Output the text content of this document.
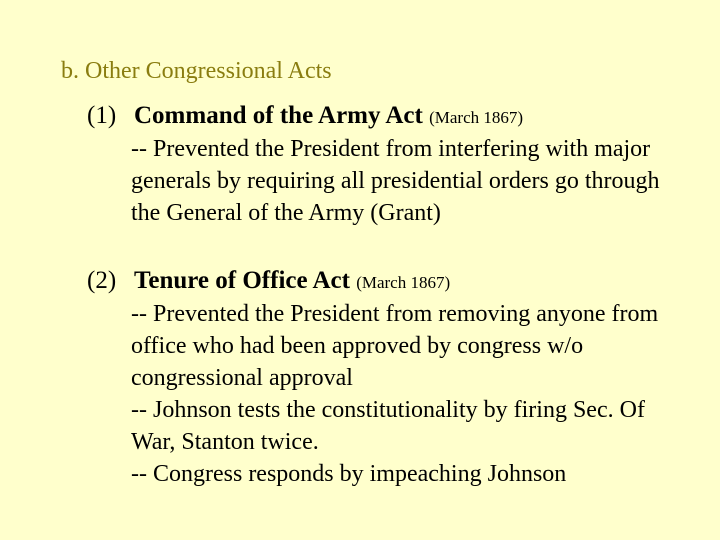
b. Other Congressional Acts
(1) Command of the Army Act (March 1867)
-- Prevented the President from interfering with major generals by requiring all presidential orders go through the General of the Army (Grant)
(2) Tenure of Office Act (March 1867)
-- Prevented the President from removing anyone from office who had been approved by congress w/o congressional approval
-- Johnson tests the constitutionality by firing Sec. Of War, Stanton twice.
-- Congress responds by impeaching Johnson
